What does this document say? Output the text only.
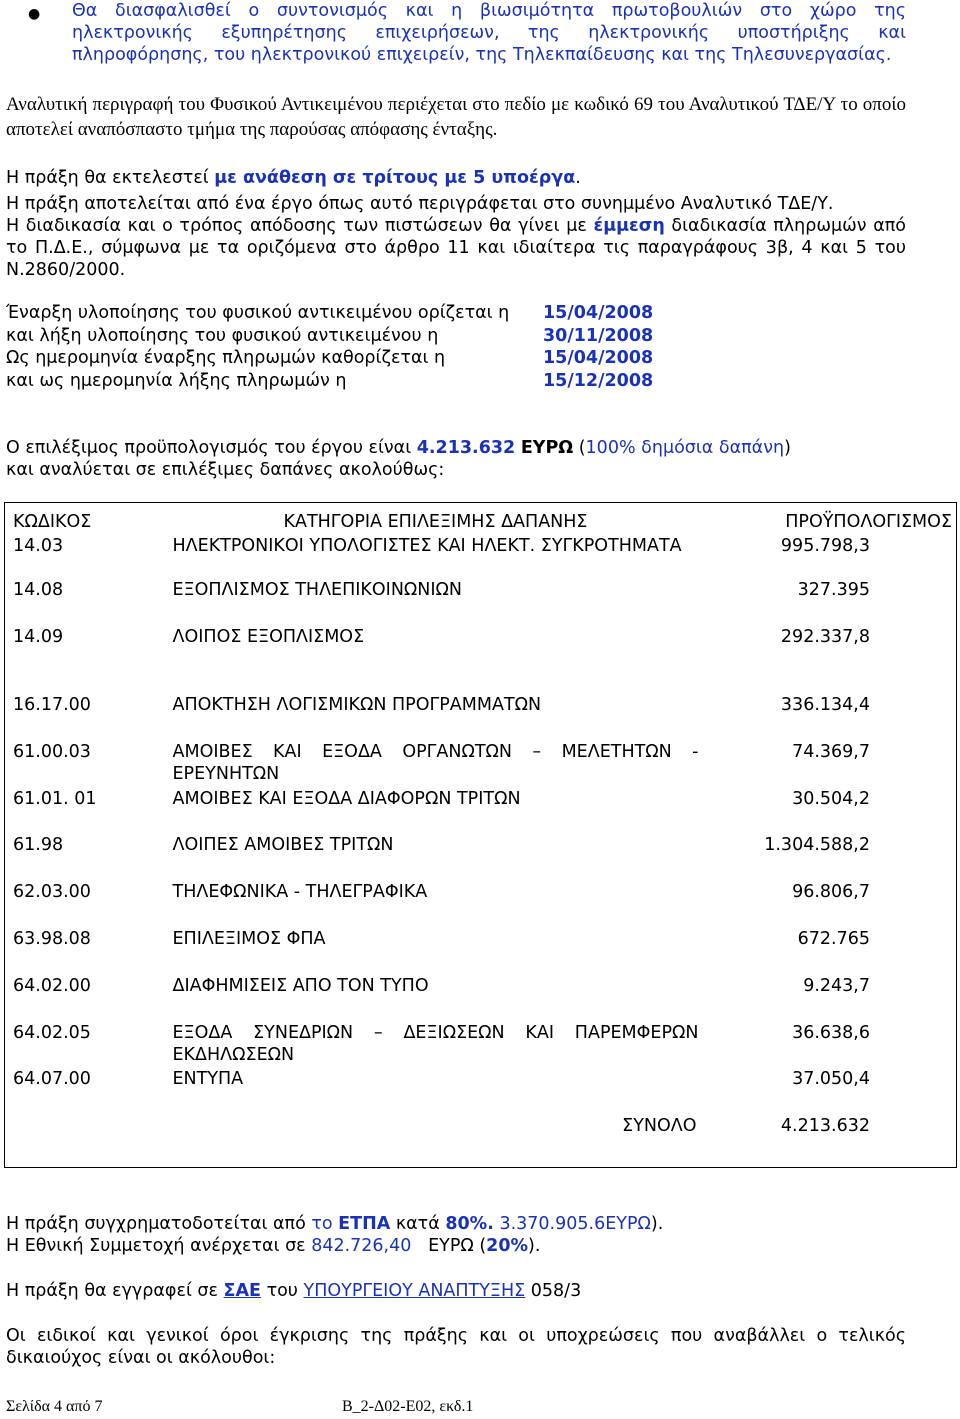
● Θα διασφαλισθεί ο συντονισμός και η βιωσιμότητα πρωτοβουλιών στο χώρο της ηλεκτρονικής εξυπηρέτησης επιχειρήσεων, της ηλεκτρονικής υποστήριξης και πληροφόρησης, του ηλεκτρονικού επιχειρείν, της Τηλεκπαίδευσης και της Τηλεσυνεργασίας.
Αναλυτική περιγραφή του Φυσικού Αντικειμένου περιέχεται στο πεδίο με κωδικό 69 του Αναλυτικού ΤΔΕ/Υ το οποίο αποτελεί αναπόσπαστο τμήμα της παρούσας απόφασης ένταξης.
Η πράξη θα εκτελεστεί με ανάθεση σε τρίτους με 5 υποέργα.
Η πράξη αποτελείται από ένα έργο όπως αυτό περιγράφεται στο συνημμένο Αναλυτικό ΤΔΕ/Υ.
Η διαδικασία και ο τρόπος απόδοσης των πιστώσεων θα γίνει με έμμεση διαδικασία πληρωμών από το Π.Δ.Ε., σύμφωνα με τα οριζόμενα στο άρθρο 11 και ιδιαίτερα τις παραγράφους 3β, 4 και 5 του Ν.2860/2000.
Έναρξη υλοποίησης του φυσικού αντικειμένου ορίζεται η 15/04/2008
και λήξη υλοποίησης του φυσικού αντικειμένου η	30/11/2008
Ως ημερομηνία έναρξης πληρωμών καθορίζεται η	15/04/2008
και ως ημερομηνία λήξης πληρωμών η	15/12/2008
Ο επιλέξιμος προϋπολογισμός του έργου είναι 4.213.632 ΕΥΡΩ (100% δημόσια δαπάνη)
και αναλύεται σε επιλέξιμες δαπάνες ακολούθως:
ΚΩΔΙΚΟΣ	ΚΑΤΗΓΟΡΙΑ ΕΠΙΛΕΞΙΜΗΣ ΔΑΠΑΝΗΣ	ΠΡΟΫΠΟΛΟΓΙΣΜΟΣ
14.03	ΗΛΕΚΤΡΟΝΙΚΟΙ ΥΠΟΛΟΓΙΣΤΕΣ ΚΑΙ ΗΛΕΚΤ. ΣΥΓΚΡΟΤΗΜΑΤΑ	995.798,3
14.08	ΕΞΟΠΛΙΣΜΟΣ ΤΗΛΕΠΙΚΟΙΝΩΝΙΩΝ	327.395
14.09	ΛΟΙΠΟΣ ΕΞΟΠΛΙΣΜΟΣ	292.337,8
16.17.00	ΑΠΟΚΤΗΣΗ ΛΟΓΙΣΜΙΚΩΝ ΠΡΟΓΡΑΜΜΑΤΩΝ	336.134,4
61.00.03	ΑΜΟΙΒΕΣ ΚΑΙ ΕΞΟΔΑ ΟΡΓΑΝΩΤΩΝ – ΜΕΛΕΤΗΤΩΝ - ΕΡΕΥΝΗΤΩΝ	74.369,7
61.01. 01	ΑΜΟΙΒΕΣ ΚΑΙ ΕΞΟΔΑ ΔΙΑΦΟΡΩΝ ΤΡΙΤΩΝ	30.504,2
61.98	ΛΟΙΠΕΣ ΑΜΟΙΒΕΣ ΤΡΙΤΩΝ	1.304.588,2
62.03.00	ΤΗΛΕΦΩΝΙΚΑ - ΤΗΛΕΓΡΑΦΙΚΑ	96.806,7
63.98.08	ΕΠΙΛΕΞΙΜΟΣ ΦΠΑ	672.765
64.02.00	ΔΙΑΦΗΜΙΣΕΙΣ ΑΠΟ ΤΟΝ ΤΥΠΟ	9.243,7
64.02.05	ΕΞΟΔΑ ΣΥΝΕΔΡΙΩΝ – ΔΕΞΙΩΣΕΩΝ ΚΑΙ ΠΑΡΕΜΦΕΡΩΝ ΕΚΔΗΛΩΣΕΩΝ	36.638,6
64.07.00	ΕΝΤΥΠΑ	37.050,4
	ΣΥΝΟΛΟ	4.213.632
Η πράξη συγχρηματοδοτείται από το ΕΤΠΑ κατά 80%. 3.370.905.6ΕΥΡΩ).
Η Εθνική Συμμετοχή ανέρχεται σε 842.726,40   ΕΥΡΩ (20%).
Η πράξη θα εγγραφεί σε ΣΑΕ του ΥΠΟΥΡΓΕΙΟΥ ΑΝΑΠΤΥΞΗΣ 058/3
Οι ειδικοί και γενικοί όροι έγκρισης της πράξης και οι υποχρεώσεις που αναβάλλει ο τελικός δικαιούχος είναι οι ακόλουθοι:
Σελίδα 4 από 7	Β_2-Δ02-Ε02, εκδ.1
